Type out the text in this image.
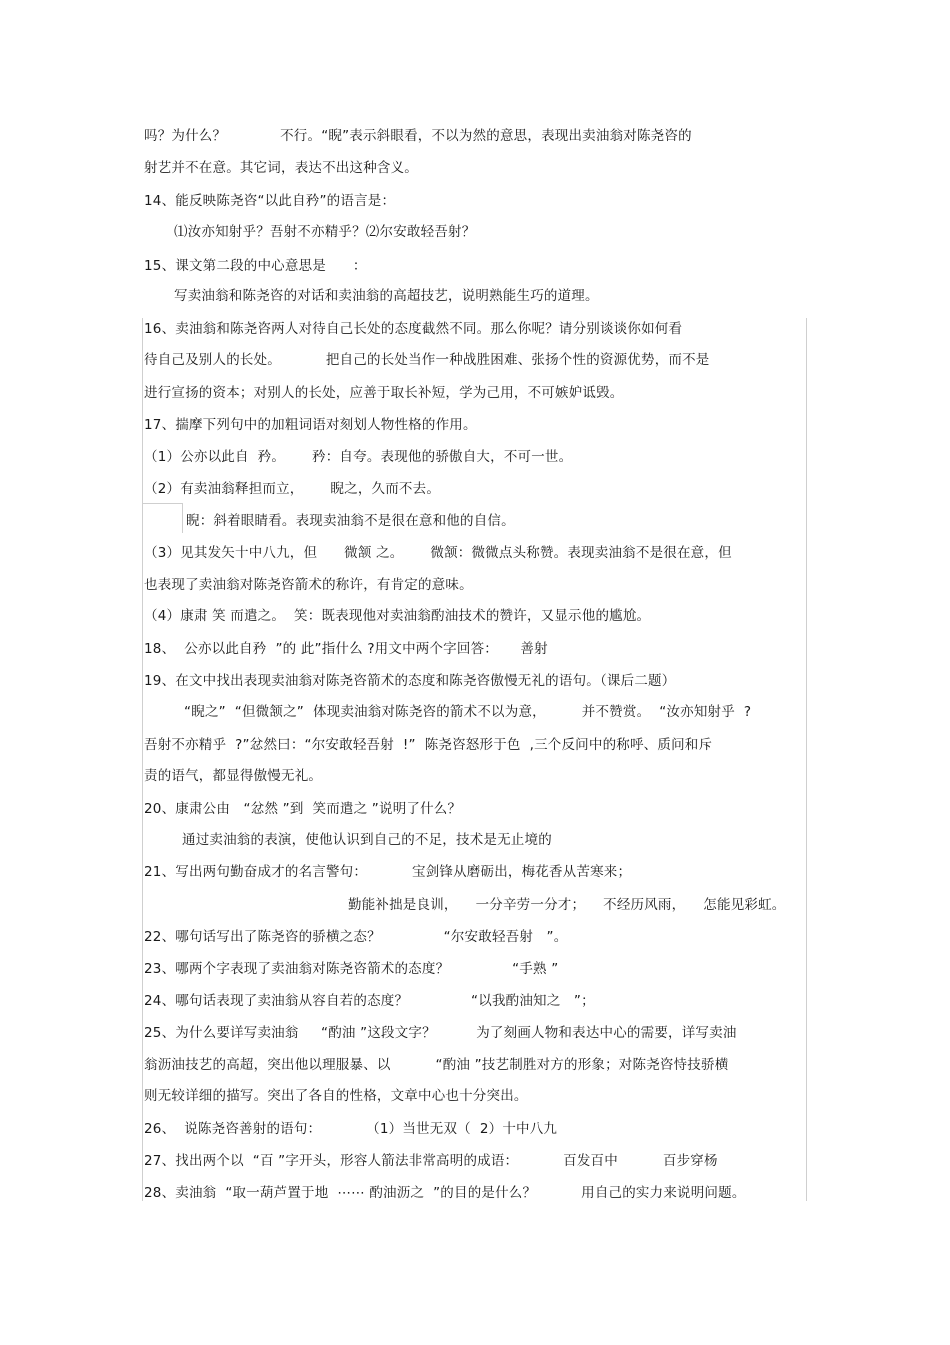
吗？为什么？            不行。“睨”表示斜眼看，不以为然的意思，表现出卖油翁对陈尧咨的
射艺并不在意。其它词，表达不出这种含义。
14、能反映陈尧咨“以此自矜”的语言是：
⑴汝亦知射乎？吾射不亦精乎？⑵尔安敢轻吾射？
15、课文第二段的中心意思是      ：
写卖油翁和陈尧咨的对话和卖油翁的高超技艺，说明熟能生巧的道理。
16、卖油翁和陈尧咨两人对待自己长处的态度截然不同。那么你呢？请分别谈谈你如何看
待自己及别人的长处。          把自己的长处当作一种战胜困难、张扬个性的资源优势，而不是
进行宣扬的资本；对别人的长处，应善于取长补短，学为己用，不可嫉妒诋毁。
17、揣摩下列句中的加粗词语对刻划人物性格的作用。
（1）公亦以此自  矜。      矜：自夸。表现他的骄傲自大，不可一世。
（2）有卖油翁释担而立，      睨之，久而不去。
睨：斜着眼睛看。表现卖油翁不是很在意和他的自信。
（3）见其发矢十中八九，但      微颔 之。      微颔：微微点头称赞。表现卖油翁不是很在意，但
也表现了卖油翁对陈尧咨箭术的称许，有肯定的意味。
（4）康肃 笑 而遣之。  笑：既表现他对卖油翁酌油技术的赞许，又显示他的尴尬。
18、  公亦以此自矜  ”的 此”指什么 ?用文中两个字回答：     善射
19、在文中找出表现卖油翁对陈尧咨箭术的态度和陈尧咨傲慢无礼的语句。（课后二题）
“睨之”  “但微颔之”  体现卖油翁对陈尧咨的箭术不以为意，        并不赞赏。  “汝亦知射乎  ?
吾射不亦精乎  ?”忿然曰：“尔安敢轻吾射  !”  陈尧咨怒形于色  ,三个反问中的称呼、质问和斥
责的语气，都显得傲慢无礼。
20、康肃公由   “忿然 ”到  笑而遣之 ”说明了什么？
通过卖油翁的表演，使他认识到自己的不足，技术是无止境的
21、写出两句勤奋成才的名言警句：          宝剑锋从磨砺出，梅花香从苦寒来；
勤能补拙是良训，    一分辛劳一分才；    不经历风雨，    怎能见彩虹。
22、哪句话写出了陈尧咨的骄横之态？              “尔安敢轻吾射   ”。
23、哪两个字表现了卖油翁对陈尧咨箭术的态度？              “手熟 ”
24、哪句话表现了卖油翁从容自若的态度？              “以我酌油知之   ”；
25、为什么要详写卖油翁     “酌油 ”这段文字？         为了刻画人物和表达中心的需要，详写卖油
翁沥油技艺的高超，突出他以理服暴、以          “酌油 ”技艺制胜对方的形象；对陈尧咨恃技骄横
则无较详细的描写。突出了各自的性格，文章中心也十分突出。
26、  说陈尧咨善射的语句：          （1）当世无双（  2）十中八九
27、找出两个以  “百 ”字开头，形容人箭法非常高明的成语：          百发百中          百步穿杨
28、卖油翁  “取一葫芦置于地  ⋯⋯ 酌油沥之  ”的目的是什么？          用自己的实力来说明问题。
